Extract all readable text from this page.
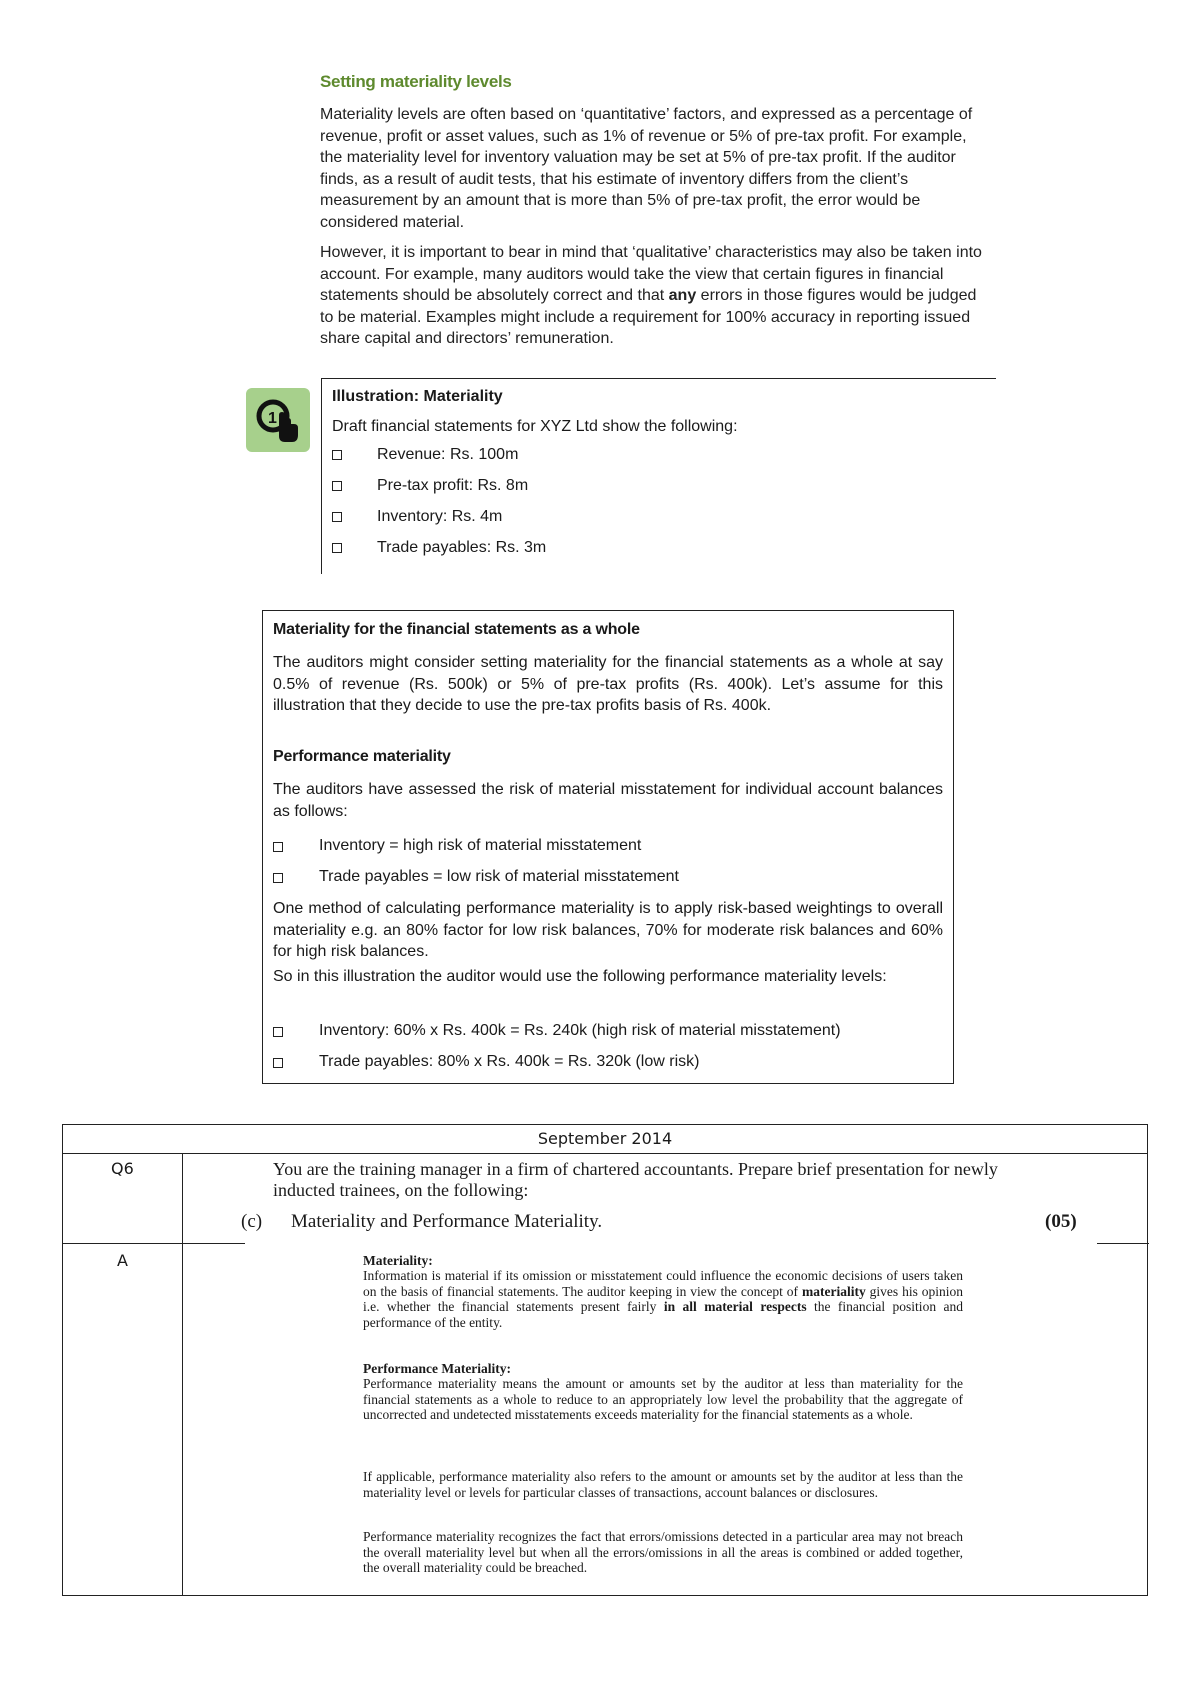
Setting materiality levels
Materiality levels are often based on ‘quantitative’ factors, and expressed as a percentage of revenue, profit or asset values, such as 1% of revenue or 5% of pre-tax profit. For example, the materiality level for inventory valuation may be set at 5% of pre-tax profit. If the auditor finds, as a result of audit tests, that his estimate of inventory differs from the client’s measurement by an amount that is more than 5% of pre-tax profit, the error would be considered material.
However, it is important to bear in mind that ‘qualitative’ characteristics may also be taken into account. For example, many auditors would take the view that certain figures in financial statements should be absolutely correct and that any errors in those figures would be judged to be material. Examples might include a requirement for 100% accuracy in reporting issued share capital and directors’ remuneration.
1
Illustration: Materiality
Draft financial statements for XYZ Ltd show the following:
Revenue: Rs. 100m
Pre-tax profit: Rs. 8m
Inventory: Rs. 4m
Trade payables: Rs. 3m
Materiality for the financial statements as a whole
The auditors might consider setting materiality for the financial statements as a whole at say 0.5% of revenue (Rs. 500k) or 5% of pre-tax profits (Rs. 400k). Let’s assume for this illustration that they decide to use the pre-tax profits basis of Rs. 400k.
Performance materiality
The auditors have assessed the risk of material misstatement for individual account balances as follows:
Inventory = high risk of material misstatement
Trade payables = low risk of material misstatement
One method of calculating performance materiality is to apply risk-based weightings to overall materiality e.g. an 80% factor for low risk balances, 70% for moderate risk balances and 60% for high risk balances.
So in this illustration the auditor would use the following performance materiality levels:
Inventory: 60% x Rs. 400k = Rs. 240k (high risk of material misstatement)
Trade payables: 80% x Rs. 400k = Rs. 320k (low risk)
September 2014
Q6	You are the training manager in a firm of chartered accountants. Prepare brief presentation for newly inducted trainees, on the following:
(c) Materiality and Performance Materiality.	(05)
A	Materiality:
Information is material if its omission or misstatement could influence the economic decisions of users taken on the basis of financial statements. The auditor keeping in view the concept of materiality gives his opinion i.e. whether the financial statements present fairly in all material respects the financial position and performance of the entity.
Performance Materiality:
Performance materiality means the amount or amounts set by the auditor at less than materiality for the financial statements as a whole to reduce to an appropriately low level the probability that the aggregate of uncorrected and undetected misstatements exceeds materiality for the financial statements as a whole.
If applicable, performance materiality also refers to the amount or amounts set by the auditor at less than the materiality level or levels for particular classes of transactions, account balances or disclosures.
Performance materiality recognizes the fact that errors/omissions detected in a particular area may not breach the overall materiality level but when all the errors/omissions in all the areas is combined or added together, the overall materiality could be breached.
